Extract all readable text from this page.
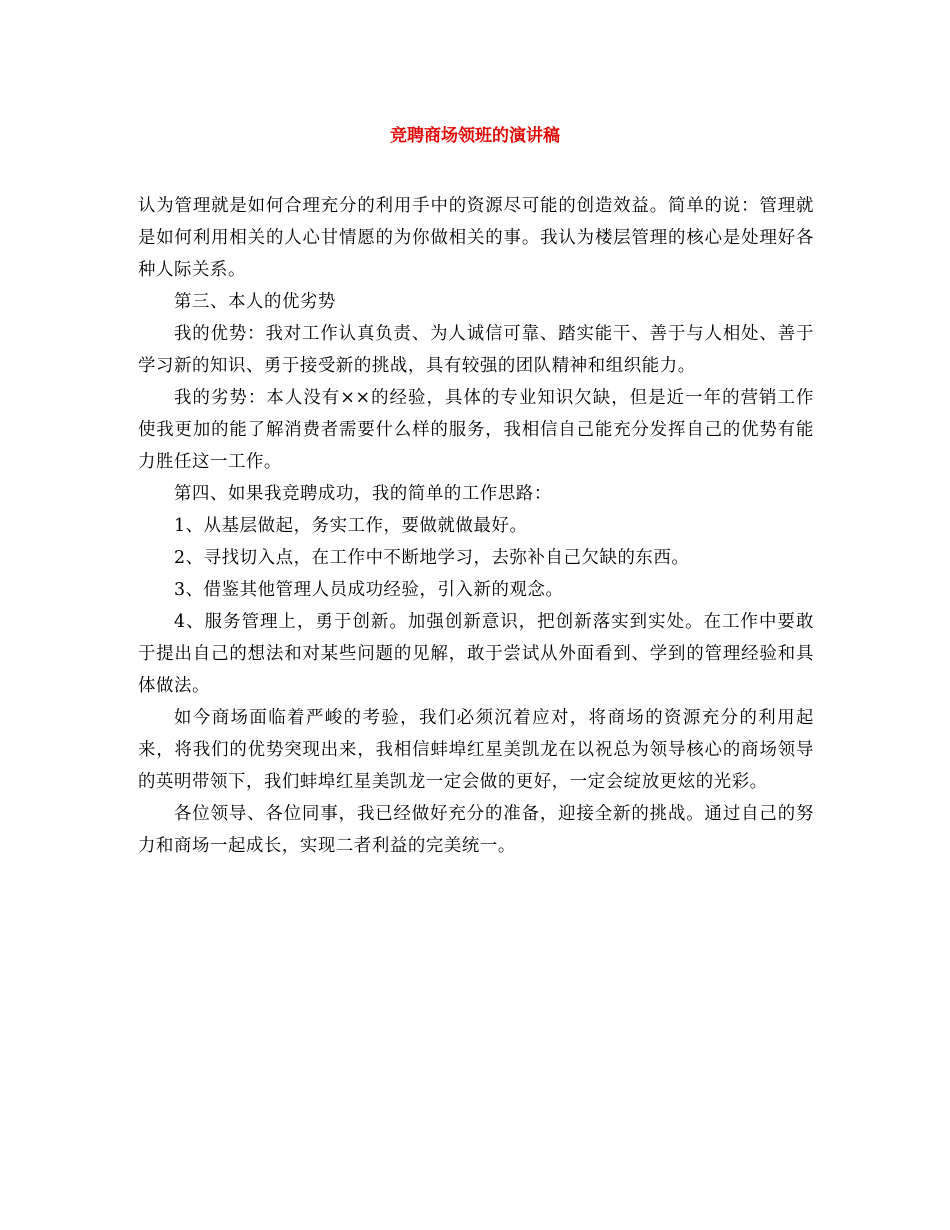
竞聘商场领班的演讲稿

认为管理就是如何合理充分的利用手中的资源尽可能的创造效益。简单的说：管理就是如何利用相关的人心甘情愿的为你做相关的事。我认为楼层管理的核心是处理好各种人际关系。

第三、本人的优劣势

我的优势：我对工作认真负责、为人诚信可靠、踏实能干、善于与人相处、善于学习新的知识、勇于接受新的挑战，具有较强的团队精神和组织能力。

我的劣势：本人没有××的经验，具体的专业知识欠缺，但是近一年的营销工作使我更加的能了解消费者需要什么样的服务，我相信自己能充分发挥自己的优势有能力胜任这一工作。

第四、如果我竞聘成功，我的简单的工作思路：

1、从基层做起，务实工作，要做就做最好。

2、寻找切入点，在工作中不断地学习，去弥补自己欠缺的东西。

3、借鉴其他管理人员成功经验，引入新的观念。

4、服务管理上，勇于创新。加强创新意识，把创新落实到实处。在工作中要敢于提出自己的想法和对某些问题的见解，敢于尝试从外面看到、学到的管理经验和具体做法。

如今商场面临着严峻的考验，我们必须沉着应对，将商场的资源充分的利用起来，将我们的优势突现出来，我相信蚌埠红星美凯龙在以祝总为领导核心的商场领导的英明带领下，我们蚌埠红星美凯龙一定会做的更好，一定会绽放更炫的光彩。

各位领导、各位同事，我已经做好充分的准备，迎接全新的挑战。通过自己的努力和商场一起成长，实现二者利益的完美统一。
